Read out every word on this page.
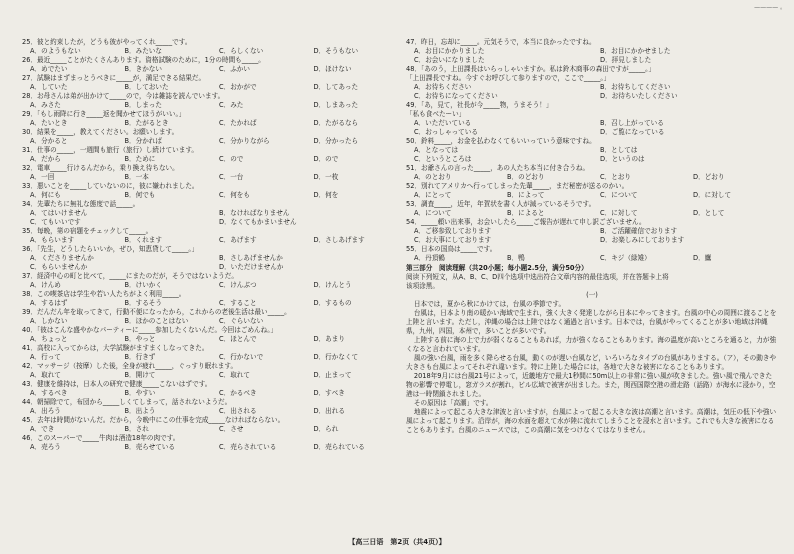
———— 。
25．彼と約束したが，どうも彼がやってくれ_____です。
A．のようもない	B．みたいな	C．らしくない	D．そうもない
26．最近_____ことがたくさんあります。資格試験のために，1分の時間も_____。
A．めでたい	B．きかない	C．ふかい	D．ほけない
27．試験はまずまっとうべきに_____が，満足できる結果だ。
A．していた	B．しておいた	C．おかがで	D．してあった
28．お母さんは弟が出かけて_____ので，今は雑誌を読んでいます。
A．みさた	B．しまった	C．みた	D．しまあった
29．「もし雨降に行き_____返を聞かせてほうがいい。」
A．たいとき	B．たがるとき	C．たかれば	D．たがるなら
30．結果を_____，教えてください。お願いします。
A．分かると	B．分かれば	C．分かりながら	D．分かったら
31．仕事の_____，一週間も旅行（旅行）し続けています。
A．だから	B．ために	C．ので	D．ので
32．電車_____行けるんだから，乗り換え待ちない。
A．一回	B．一本	C．一台	D．一枚
33．悪いことを_____していないのに，彼に嫌われました。
A．何にも	B．何でも	C．何をも	D．何を
34．先輩たちに無礼な態度で話_____。
A．てはいけません	B．なければなりません
C．てもいいです	D．なくてもかまいません
35．毎晩，第の宿題をチェックして_____。
A．もらいます	B．くれます	C．あげます	D．さしあげます
36．「先生，どうしたらいいか，ぜひ，知恵貸して_____。」
A．くださりませんか	B．さしあげませんか
C．もらいませんか	D．いただけませんか
37．経済中心の町と比べて，_____にまたのだが，そうではないようだ。
A．けんめ	B．けいかく	C．けんぶつ	D．けんとう
38．この喫茶店は学生や若い人たちがよく利用_____。
A．するはず	B．するそう	C．すること	D．するもの
39．だんだん年を取ってきて，行動不便になったから，これからの老後生活は最い_____。
A．しかない	B．ほかのことはない	C．ぐらいない
40．「彼はこんな盛やかなパーティーに_____参加したくないんだ。今回はごめんね。」
A．ちょっと	B．やっと	C．ほとんで	D．あまり
41．高校に入ってからは，大学試験がますまくしなってきた。
A．行って	B．行きず	C．行かないで	D．行かなくて
42．マッサージ（按摩）した後，全身が疲れ_____，ぐっすり眠れます。
A．取れて	B．開けて	C．取れて	D．止まって
43．健康を維持は，日本人の研究で健康_____こないはずです。
A．するべき	B．やすい	C．かるべき	D．すべき
44．朝掃除でて，布団から_____しくてしまって，話されないようだ。
A．出ろう	B．出よう	C．出される	D．出れる
45．去年は時間がないんだ。だから，今晩中にこの仕事を完成_____なければならない。
A．でき	B．され	C．させ	D．られ
46．このスーパーで_____牛肉は酒造18年の肉です。
A．売ろう	B．売らせている	C．売らされている	D．売られている
47．昨日，忘却に_____。元気そうで，本当に良かったですね。
A．お目にかかりました	B．お目にかかせました
C．お会いになりました	D．拝見しました
48．「あのう，上田課長はいらっしゃいますか。私は鈴木商事の森田ですが_____。」
「上田課長ですね。今すぐお呼びして参りますので，ここで_____。」
A．お待ちください	B．お待ちしてください
C．お待ちになってください	D．お待ちいたしください
49．「あ，見て，社長が今_____物，うまそう！」
「私も食べたーい」
A．いただいている	B．召し上がっている
C．おっしゃっている	D．ご覧になっている
50．鈴料_____，お金を払わなくてもいいっていう意味ですね。
A．となっては	B．としては
C．というところは	D．というのは
51．お爺さんの言った_____，あの人たち本当に付き合うね。
A．のとおり	B．のどおり	C．とおり	D．どおり
52．別れてアメリカへ行ってしまった先輩_____，まだ秘密が送るのかい。
A．にとって	B．によって	C．について	D．に対して
53．調査_____，近年，年賀状を書く人が減っているそうです。
A．について	B．によると	C．に対して	D．として
54．_____頼い出来事，お会いしたら_____ご報告が遅れて申し訳ございません。
A．ご移参致しております	B．ご活躍確信でおります
C．お大事にしております	D．お楽しみにしております
55．日本の国鳥は_____です。
A．丹頂鶴	B．鴨	C．キジ（緑雉）	D．鷹
第三部分　阅读理解（共20小题；每小题2.5分，满分50分）
阅读下列短文，从A、B、C、D四个选项中选出符合文章内容的最佳选项，并在答题卡上将
该项涂黑。
(一)
日本では，夏から秋にかけては，台風の季節です。
台風は，日本より南の暖かい海域で生まれ，強く大きく発達しながら日本にやってきます。台風の中心の周囲に渡ることを上陸と言います。ただし，沖縄の場合は上陸ではなく通過と言います。日本では，台風がやってくることが多い地域は沖縄県，九州，四国，本州で，多いことが多いです。
上陸する前に海の上で力が弱くなることもあれば，力が強くなることもあります。海の温度が高いところを通ると，力が強くなると言われています。
風の強い台風，雨を多く降らせる台風，動くのが遅い台風など，いろいろなタイプの台風がありまする。（ア），その動きや大きさも台風によってそれぞれ違います。特に上陸した場合には，各地で大きな被害になることもあります。
2018年9月には台風21号によって，近畿地方で最大1秒間に50m以上の非常に強い風が吹きました。強い風で飛んできた物の影響で停電し，窓ガラスが割れ，ビル広域で被害が出ました。また，関西国際空港の滑走路（話路）が海水に浸かり，空港は一時閉鎖されました。
その原因は「高潮」です。
地震によって起こる大きな津波と言いますが，台風によって起こる大きな波は高潮と言います。高潮は，気圧の低下や強い風によって起こります。沿岸が，海の水面を超えて水が陸に流れてしまうことを浸水と言います。これでも大きな被害になることもあります。台風のニュースでは，この高潮に気をつけなくてはなりません。
【高三日语　第2页（共4页）】
